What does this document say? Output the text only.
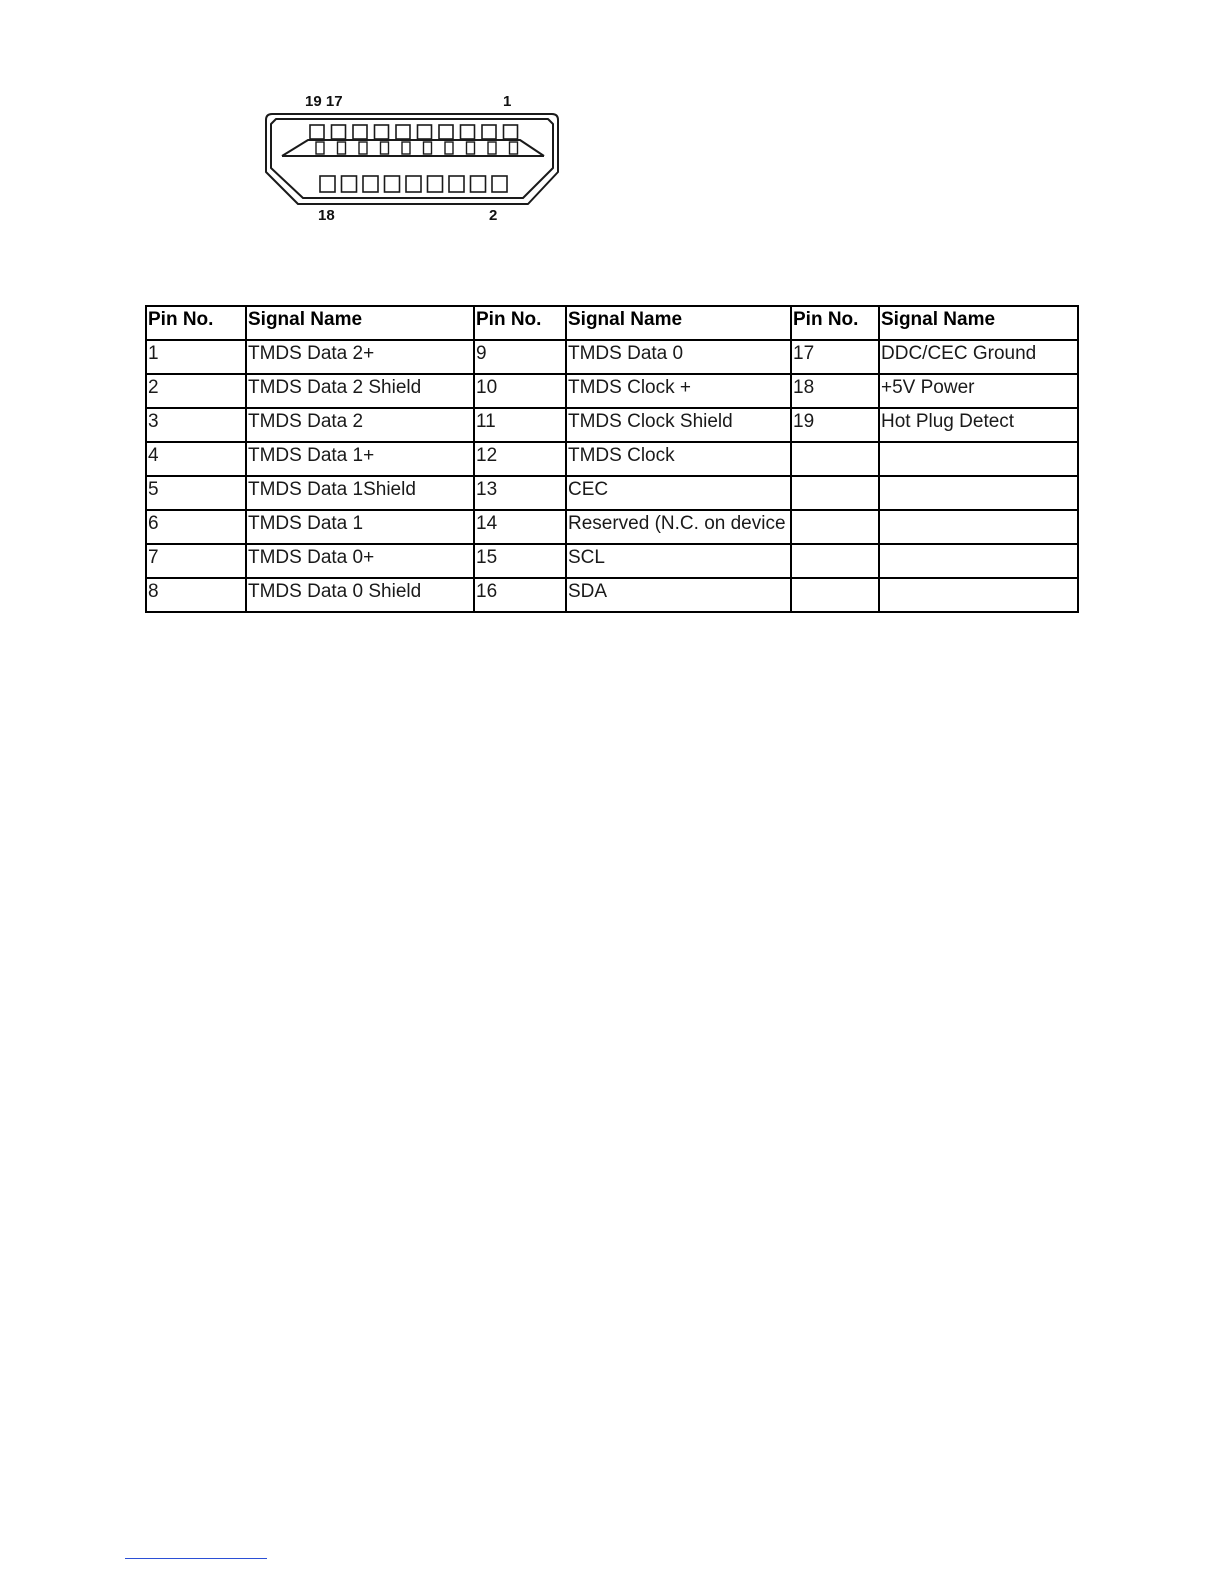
19 17	1
18	2
Pin No.	Signal Name	Pin No.	Signal Name	Pin No.	Signal Name
1	TMDS Data 2+	9	TMDS Data 0	17	DDC/CEC Ground
2	TMDS Data 2 Shield	10	TMDS Clock +	18	+5V Power
3	TMDS Data 2	11	TMDS Clock Shield	19	Hot Plug Detect
4	TMDS Data 1+	12	TMDS Clock		
5	TMDS Data 1Shield	13	CEC		
6	TMDS Data 1	14	Reserved (N.C. on device		
7	TMDS Data 0+	15	SCL		
8	TMDS Data 0 Shield	16	SDA		
